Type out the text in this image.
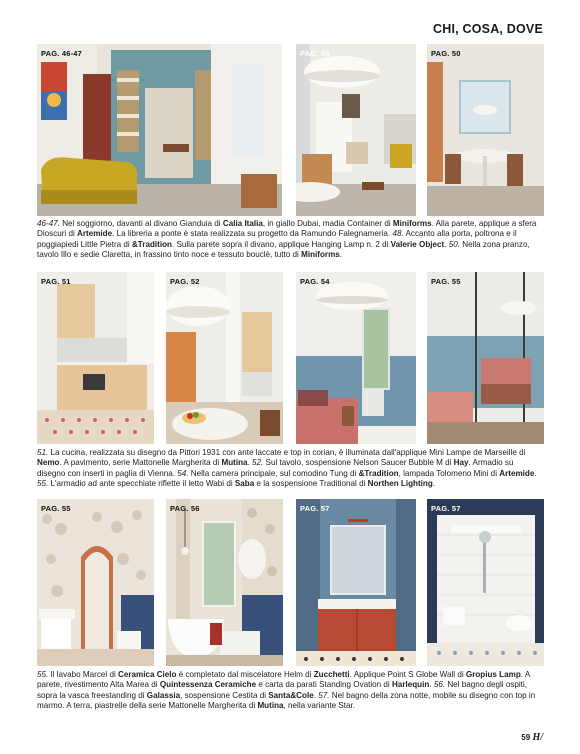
CHI, COSA, DOVE
PAG. 46-47	PAG. 48	PAG. 50

46-47. Nel soggiorno, davanti al divano Gianduia di Calia Italia, in giallo Dubai, madia Container di Miniforms. Alla parete, applique a sfera Dioscuri di Artemide. La libreria a ponte è stata realizzata su progetto da Ramundo Falegnameria. 48. Accanto alla porta, poltrona e il poggiapiedi Little Pietra di &Tradition. Sulla parete sopra il divano, applique Hanging Lamp n. 2 di Valerie Object. 50. Nella zona pranzo, tavolo Illo e sedie Claretta, in frassino tinto noce e tessuto bouclè, tutto di Miniforms.

PAG. 51	PAG. 52	PAG. 54	PAG. 55

51. La cucina, realizzata su disegno da Pittori 1931 con ante laccate e top in corian, è illuminata dall'applique Mini Lampe de Marseille di Nemo. A pavimento, serie Mattonelle Margherita di Mutina. 52. Sul tavolo, sospensione Nelson Saucer Bubble M di Hay. Armadio su disegno con inserti in paglia di Vienna. 54. Nella camera principale, sul comodino Tung di &Tradition, lampada Tolomeno Mini di Artemide. 55. L'armadio ad ante specchiate riflette il letto Wabi di Saba e la sospensione Traditional di Northen Lighting.

PAG. 55	PAG. 56	PAG. 57	PAG. 57

55. Il lavabo Marcel di Ceramica Cielo è completato dal miscelatore Helm di Zucchetti. Applique Point S Globe Wall di Gropius Lamp. A parete, rivestimento Alta Marea di Quintessenza Ceramiche e carta da parati Standing Ovation di Harlequin. 56. Nel bagno degli ospiti, sopra la vasca freestanding di Galassia, sospensione Cestita di Santa&Cole. 57. Nel bagno della zona notte, mobile su disegno con top in marmo. A terra, piastrelle della serie Mattonelle Margherita di Mutina, nella variante Star.

59 H/
